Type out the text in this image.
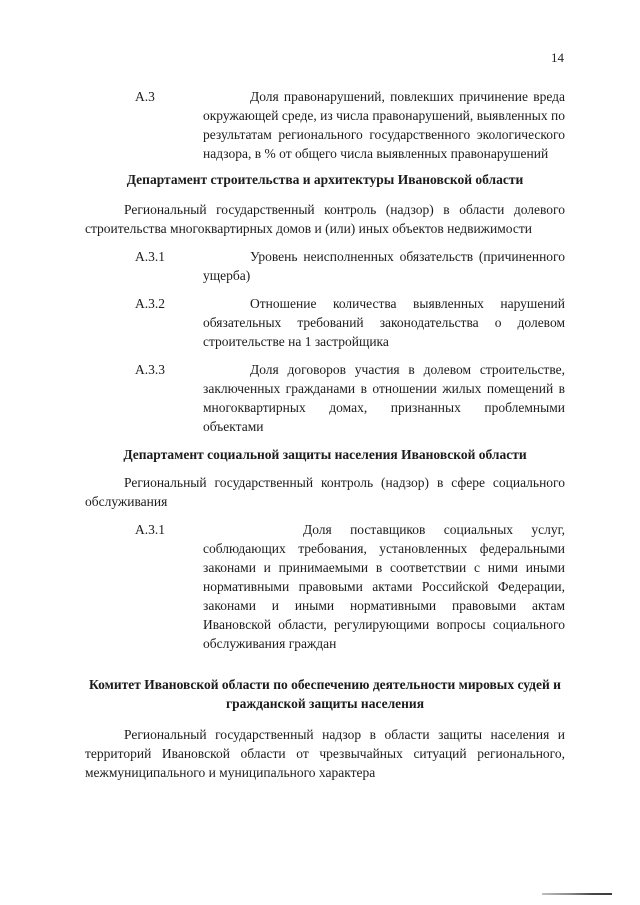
14
А.3	Доля правонарушений, повлекших причинение вреда окружающей среде, из числа правонарушений, выявленных по результатам регионального государственного экологического надзора, в % от общего числа выявленных правонарушений

Департамент строительства и архитектуры Ивановской области

Региональный государственный контроль (надзор) в области долевого строительства многоквартирных домов и (или) иных объектов недвижимости

А.3.1	Уровень неисполненных обязательств (причиненного ущерба)

А.3.2	Отношение количества выявленных нарушений обязательных требований законодательства о долевом строительстве на 1 застройщика

А.3.3	Доля договоров участия в долевом строительстве, заключенных гражданами в отношении жилых помещений в многоквартирных домах, признанных проблемными объектами

Департамент социальной защиты населения Ивановской области

Региональный государственный контроль (надзор) в сфере социального обслуживания

А.3.1	Доля поставщиков социальных услуг, соблюдающих требования, установленных федеральными законами и принимаемыми в соответствии с ними иными нормативными правовыми актами Российской Федерации, законами и иными нормативными правовыми актам Ивановской области, регулирующими вопросы социального обслуживания граждан

Комитет Ивановской области по обеспечению деятельности мировых судей и гражданской защиты населения

Региональный государственный надзор в области защиты населения и территорий Ивановской области от чрезвычайных ситуаций регионального, межмуниципального и муниципального характера
